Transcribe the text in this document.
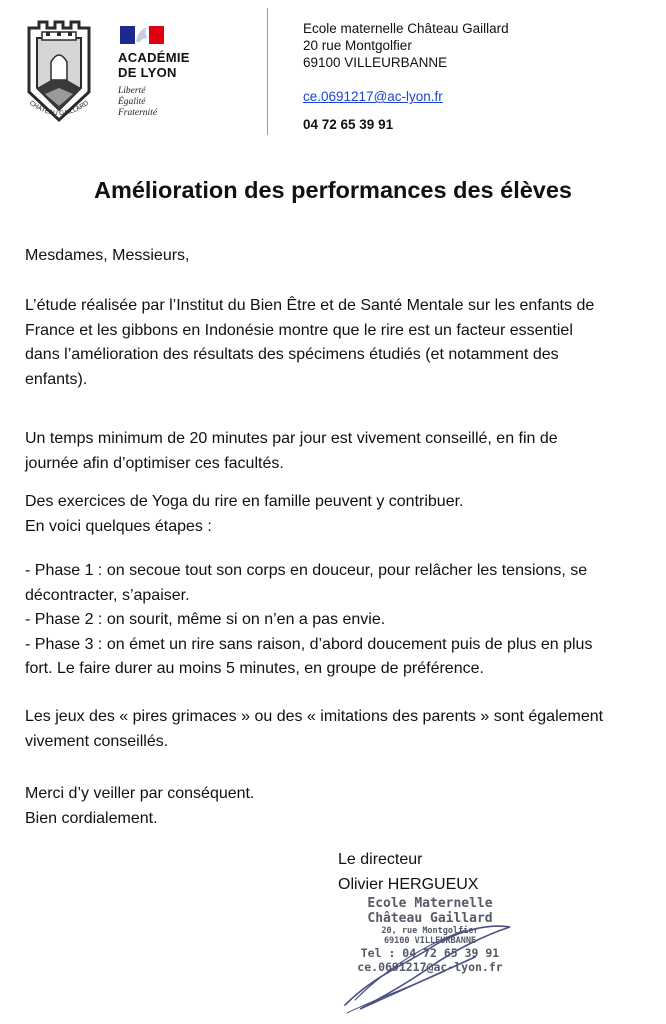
CHÂTEAU GAILLARD
ACADÉMIE
DE LYON
Liberté
Égalité
Fraternité
Ecole maternelle Château Gaillard
20 rue Montgolfier
69100 VILLEURBANNE
ce.0691217@ac-lyon.fr
04 72 65 39 91
Amélioration des performances des élèves
Mesdames, Messieurs,
L’étude réalisée par l’Institut du Bien Être et de Santé Mentale sur les enfants de
France et les gibbons en Indonésie montre que le rire est un facteur essentiel
dans l’amélioration des résultats des spécimens étudiés (et notamment des
enfants).
Un temps minimum de 20 minutes par jour est vivement conseillé, en fin de
journée afin d’optimiser ces facultés.
Des exercices de Yoga du rire en famille peuvent y contribuer.
En voici quelques étapes :
- Phase 1 : on secoue tout son corps en douceur, pour relâcher les tensions, se
décontracter, s’apaiser.
- Phase 2 : on sourit, même si on n’en a pas envie.
- Phase 3 : on émet un rire sans raison, d’abord doucement puis de plus en plus
fort. Le faire durer au moins 5 minutes, en groupe de préférence.
Les jeux des « pires grimaces » ou des « imitations des parents » sont également
vivement conseillés.
Merci d’y veiller par conséquent.
Bien cordialement.
Le directeur
Olivier HERGUEUX
Ecole Maternelle
Château Gaillard
20, rue Montgolfier
69100 VILLEURBANNE
Tel : 04 72 65 39 91
ce.0691217@ac-lyon.fr
